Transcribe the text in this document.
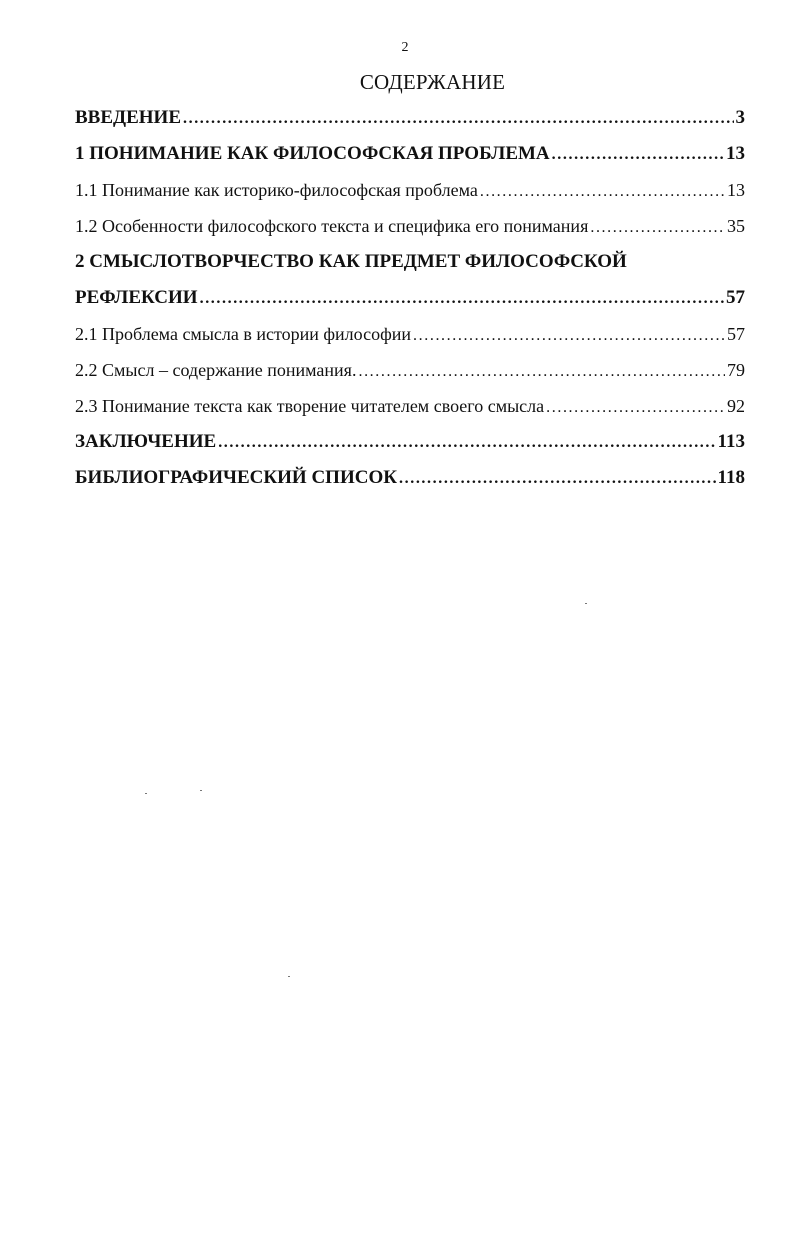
2
СОДЕРЖАНИЕ
ВВЕДЕНИЕ .....	3
1 ПОНИМАНИЕ КАК ФИЛОСОФСКАЯ ПРОБЛЕМА .....	13
1.1 Понимание как историко-философская проблема .....	13
1.2 Особенности философского текста и специфика его понимания .....	35
2 СМЫСЛОТВОРЧЕСТВО КАК ПРЕДМЕТ ФИЛОСОФСКОЙ
РЕФЛЕКСИИ .....	57
2.1 Проблема смысла в истории философии .....	57
2.2 Смысл – содержание понимания. .....	79
2.3 Понимание текста как творение читателем своего смысла .....	92
ЗАКЛЮЧЕНИЕ .....	113
БИБЛИОГРАФИЧЕСКИЙ СПИСОК .....	118
